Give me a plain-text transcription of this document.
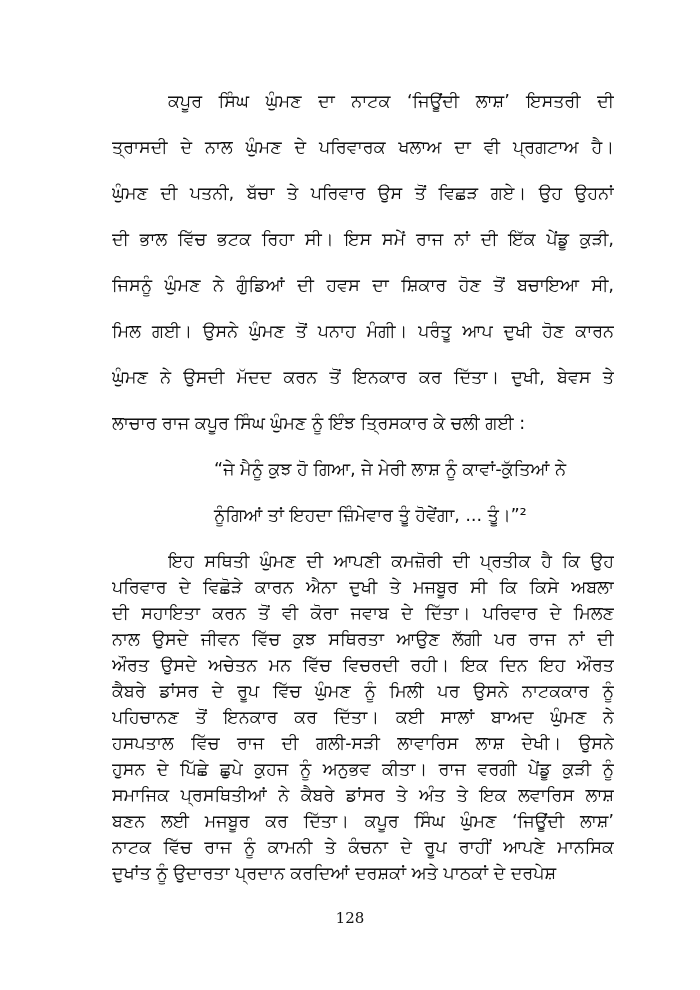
ਕਪੂਰ ਸਿੰਘ ਘੁੰਮਣ ਦਾ ਨਾਟਕ ‘ਜਿਊਂਦੀ ਲਾਸ਼’ ਇਸਤਰੀ ਦੀ
ਤ੍ਰਾਸਦੀ ਦੇ ਨਾਲ ਘੁੰਮਣ ਦੇ ਪਰਿਵਾਰਕ ਖਲਾਅ ਦਾ ਵੀ ਪ੍ਰਗਟਾਅ ਹੈ।
ਘੁੰਮਣ ਦੀ ਪਤਨੀ, ਬੱਚਾ ਤੇ ਪਰਿਵਾਰ ਉਸ ਤੋਂ ਵਿਛੜ ਗਏ। ਉਹ ਉਹਨਾਂ
ਦੀ ਭਾਲ ਵਿੱਚ ਭਟਕ ਰਿਹਾ ਸੀ। ਇਸ ਸਮੇਂ ਰਾਜ ਨਾਂ ਦੀ ਇੱਕ ਪੇਂਡੂ ਕੁੜੀ,
ਜਿਸਨੂੰ ਘੁੰਮਣ ਨੇ ਗੁੰਡਿਆਂ ਦੀ ਹਵਸ ਦਾ ਸ਼ਿਕਾਰ ਹੋਣ ਤੋਂ ਬਚਾਇਆ ਸੀ,
ਮਿਲ ਗਈ। ਉਸਨੇ ਘੁੰਮਣ ਤੋਂ ਪਨਾਹ ਮੰਗੀ। ਪਰੰਤੂ ਆਪ ਦੁਖੀ ਹੋਣ ਕਾਰਨ
ਘੁੰਮਣ ਨੇ ਉਸਦੀ ਮੱਦਦ ਕਰਨ ਤੋਂ ਇਨਕਾਰ ਕਰ ਦਿੱਤਾ। ਦੁਖੀ, ਬੇਵਸ ਤੇ
ਲਾਚਾਰ ਰਾਜ ਕਪੂਰ ਸਿੰਘ ਘੁੰਮਣ ਨੂੰ ਇੰਝ ਤ੍ਰਿਸਕਾਰ ਕੇ ਚਲੀ ਗਈ :
“ਜੇ ਮੈਨੂੰ ਕੁਝ ਹੋ ਗਿਆ, ਜੇ ਮੇਰੀ ਲਾਸ਼ ਨੂੰ ਕਾਵਾਂ-ਕੁੱਤਿਆਂ ਨੇ
ਨੂੰਗਿਆਂ ਤਾਂ ਇਹਦਾ ਜ਼ਿੰਮੇਵਾਰ ਤੂੰ ਹੋਵੇਂਗਾ, ... ਤੂੰ।”²
ਇਹ ਸਥਿਤੀ ਘੁੰਮਣ ਦੀ ਆਪਣੀ ਕਮਜ਼ੋਰੀ ਦੀ ਪ੍ਰਤੀਕ ਹੈ ਕਿ ਉਹ
ਪਰਿਵਾਰ ਦੇ ਵਿਛੋੜੇ ਕਾਰਨ ਐਨਾ ਦੁਖੀ ਤੇ ਮਜਬੂਰ ਸੀ ਕਿ ਕਿਸੇ ਅਬਲਾ
ਦੀ ਸਹਾਇਤਾ ਕਰਨ ਤੋਂ ਵੀ ਕੋਰਾ ਜਵਾਬ ਦੇ ਦਿੱਤਾ। ਪਰਿਵਾਰ ਦੇ ਮਿਲਣ
ਨਾਲ ਉਸਦੇ ਜੀਵਨ ਵਿੱਚ ਕੁਝ ਸਥਿਰਤਾ ਆਉਣ ਲੱਗੀ ਪਰ ਰਾਜ ਨਾਂ ਦੀ
ਔਰਤ ਉਸਦੇ ਅਚੇਤਨ ਮਨ ਵਿੱਚ ਵਿਚਰਦੀ ਰਹੀ। ਇਕ ਦਿਨ ਇਹ ਔਰਤ
ਕੈਬਰੇ ਡਾਂਸਰ ਦੇ ਰੂਪ ਵਿੱਚ ਘੁੰਮਣ ਨੂੰ ਮਿਲੀ ਪਰ ਉਸਨੇ ਨਾਟਕਕਾਰ ਨੂੰ
ਪਹਿਚਾਨਣ ਤੋਂ ਇਨਕਾਰ ਕਰ ਦਿੱਤਾ। ਕਈ ਸਾਲਾਂ ਬਾਅਦ ਘੁੰਮਣ ਨੇ
ਹਸਪਤਾਲ ਵਿੱਚ ਰਾਜ ਦੀ ਗਲੀ-ਸੜੀ ਲਾਵਾਰਿਸ ਲਾਸ਼ ਦੇਖੀ। ਉਸਨੇ
ਹੁਸਨ ਦੇ ਪਿੱਛੇ ਛੁਪੇ ਕੁਹਜ ਨੂੰ ਅਨੁਭਵ ਕੀਤਾ। ਰਾਜ ਵਰਗੀ ਪੇਂਡੂ ਕੁੜੀ ਨੂੰ
ਸਮਾਜਿਕ ਪ੍ਰਸਥਿਤੀਆਂ ਨੇ ਕੈਬਰੇ ਡਾਂਸਰ ਤੇ ਅੰਤ ਤੇ ਇਕ ਲਵਾਰਿਸ ਲਾਸ਼
ਬਣਨ ਲਈ ਮਜਬੂਰ ਕਰ ਦਿੱਤਾ। ਕਪੂਰ ਸਿੰਘ ਘੁੰਮਣ ‘ਜਿਊਂਦੀ ਲਾਸ਼’
ਨਾਟਕ ਵਿੱਚ ਰਾਜ ਨੂੰ ਕਾਮਨੀ ਤੇ ਕੰਚਨਾ ਦੇ ਰੂਪ ਰਾਹੀਂ ਆਪਣੇ ਮਾਨਸਿਕ
ਦੁਖਾਂਤ ਨੂੰ ਉਦਾਰਤਾ ਪ੍ਰਦਾਨ ਕਰਦਿਆਂ ਦਰਸ਼ਕਾਂ ਅਤੇ ਪਾਠਕਾਂ ਦੇ ਦਰਪੇਸ਼
128
